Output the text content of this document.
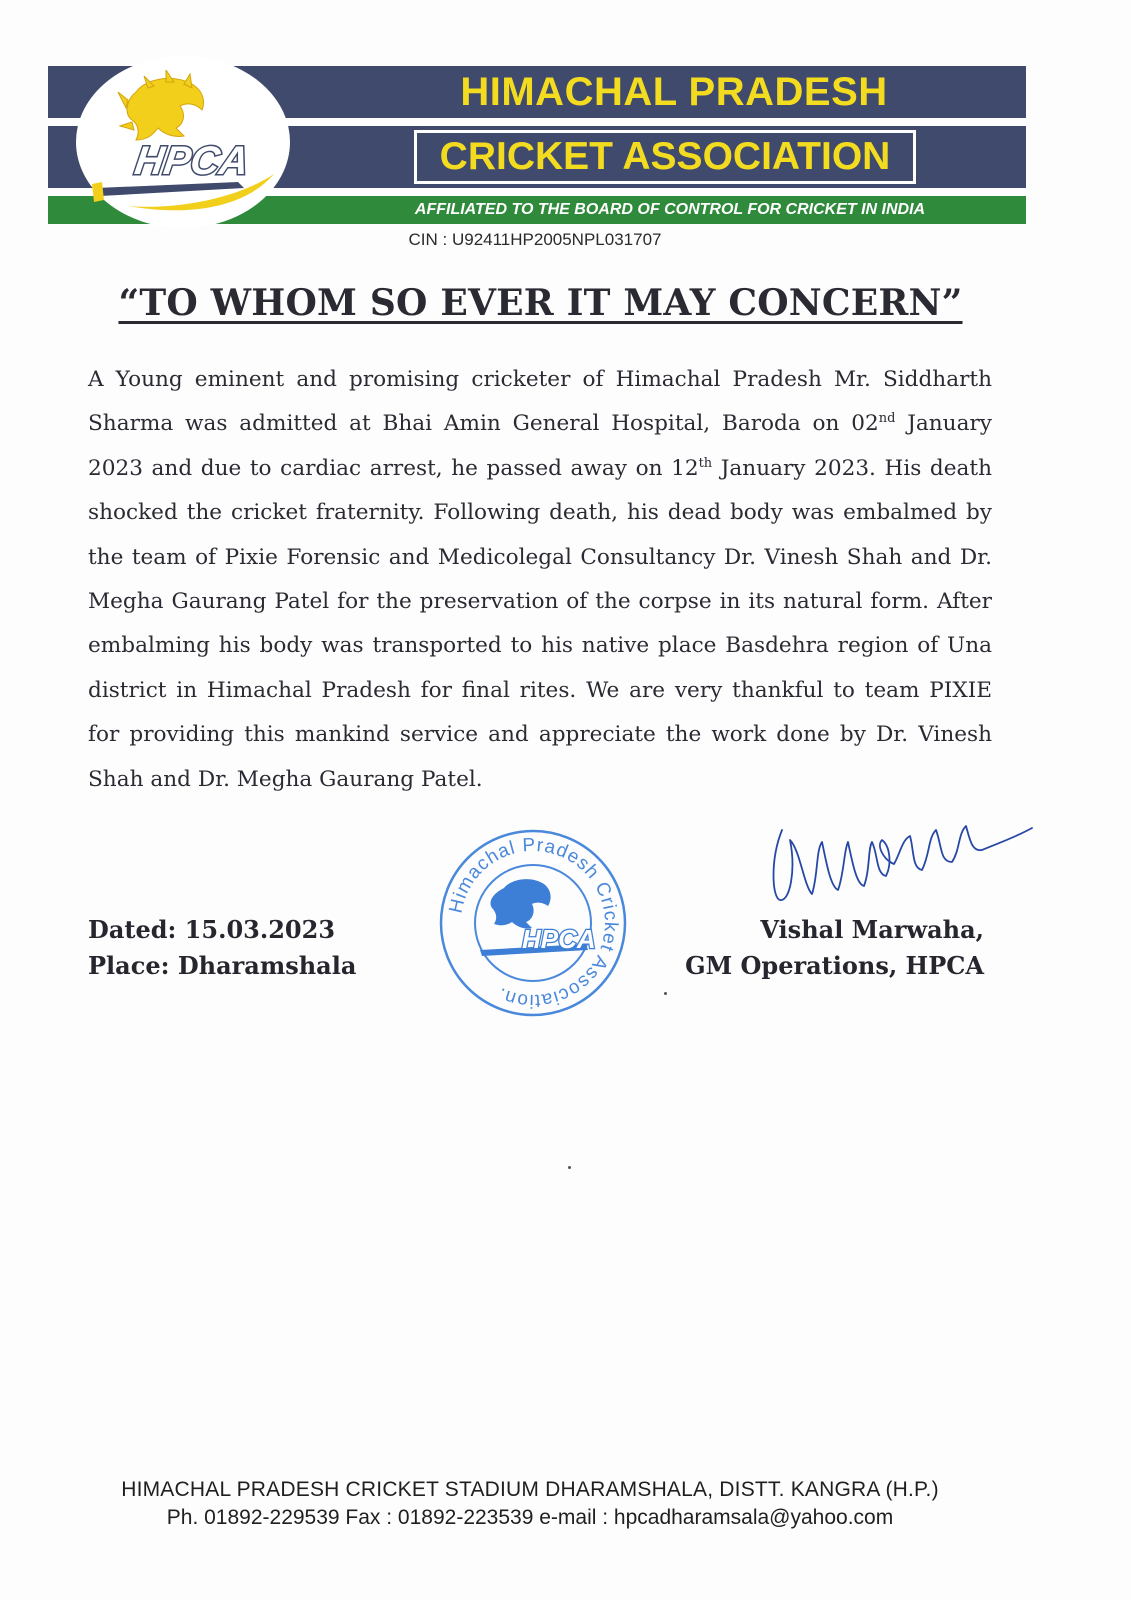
HIMACHAL PRADESH
CRICKET ASSOCIATION
AFFILIATED TO THE BOARD OF CONTROL FOR CRICKET IN INDIA
HPCA
CIN : U92411HP2005NPL031707
“TO WHOM SO EVER IT MAY CONCERN”
A Young eminent and promising cricketer of Himachal Pradesh Mr. Siddharth Sharma was admitted at Bhai Amin General Hospital, Baroda on 02nd January 2023 and due to cardiac arrest, he passed away on 12th January 2023. His death shocked the cricket fraternity. Following death, his dead body was embalmed by the team of Pixie Forensic and Medicolegal Consultancy Dr. Vinesh Shah and Dr. Megha Gaurang Patel for the preservation of the corpse in its natural form. After embalming his body was transported to his native place Basdehra region of Una district in Himachal Pradesh for final rites. We are very thankful to team PIXIE for providing this mankind service and appreciate the work done by Dr. Vinesh Shah and Dr. Megha Gaurang Patel.
Dated: 15.03.2023
Place: Dharamshala
Himachal Pradesh Cricket Association.
HPCA	Vishal Marwaha,
GM Operations, HPCA
HIMACHAL PRADESH CRICKET STADIUM DHARAMSHALA, DISTT. KANGRA (H.P.)
Ph. 01892-229539 Fax : 01892-223539 e-mail : hpcadharamsala@yahoo.com
